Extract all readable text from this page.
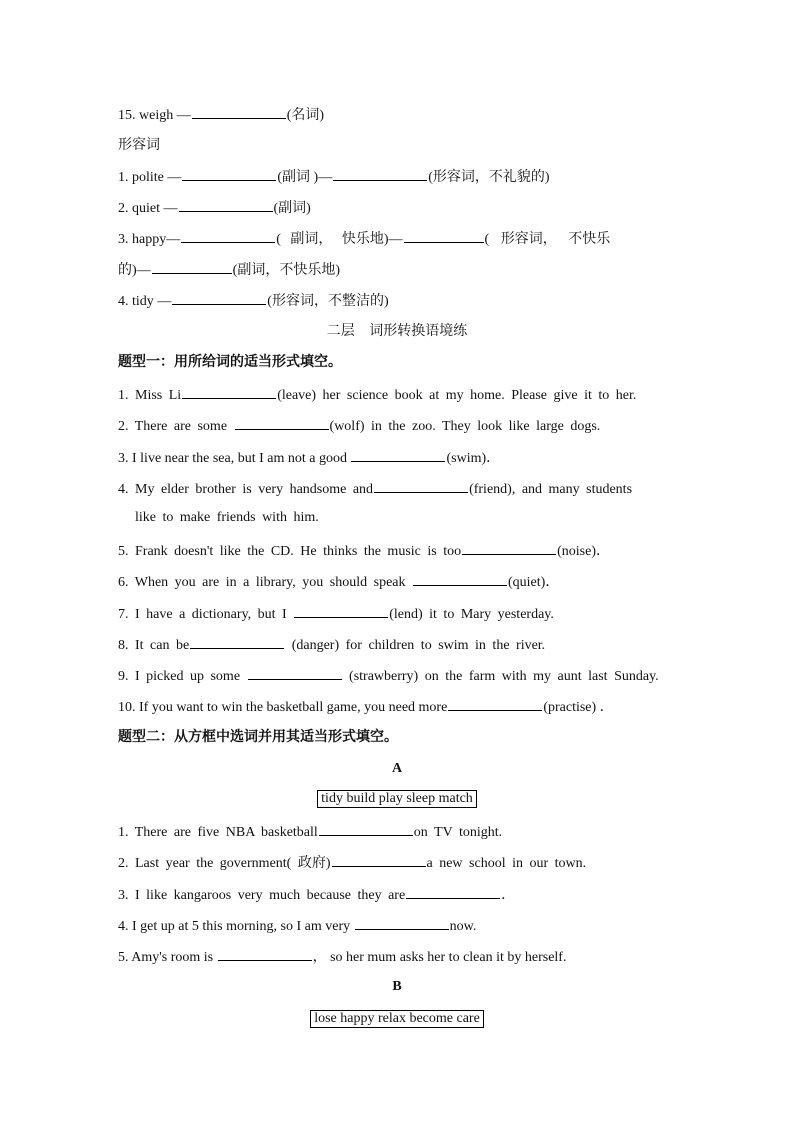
15. weigh —	(名词)
形容词
1. polite —	(副词 )—	(形容词，不礼貌的)
2. quiet —	(副词)
3. happy—	( 副词， 快乐地)—	( 形容词， 不快乐
的)—	(副词，不快乐地)
4. tidy —	(形容词，不整洁的)
二层 词形转换语境练
题型一：用所给词的适当形式填空。
1. Miss Li	(leave) her science book at my home. Please give it to her.
2. There are some	(wolf) in the zoo. They look like large dogs.
3. I live near the sea, but I am not a good	(swim)．
4. My elder brother is very handsome and	(friend), and many students
like to make friends with him.
5. Frank doesn't like the CD. He thinks the music is too	(noise)．
6. When you are in a library, you should speak	(quiet)．
7. I have a dictionary, but I	(lend) it to Mary yesterday.
8. It can be	(danger) for children to swim in the river.
9. I picked up some	(strawberry) on the farm with my aunt last Sunday.
10. If you want to win the basketball game, you need more	(practise) ．
题型二：从方框中选词并用其适当形式填空。
A
tidy build play sleep match
1. There are five NBA basketball	on TV tonight.
2. Last year the government( 政府)	a new school in our town.
3. I like kangaroos very much because they are	．
4. I get up at 5 this morning, so I am very	now.
5. Amy's room is	， so her mum asks her to clean it by herself.
B
lose happy relax become care
